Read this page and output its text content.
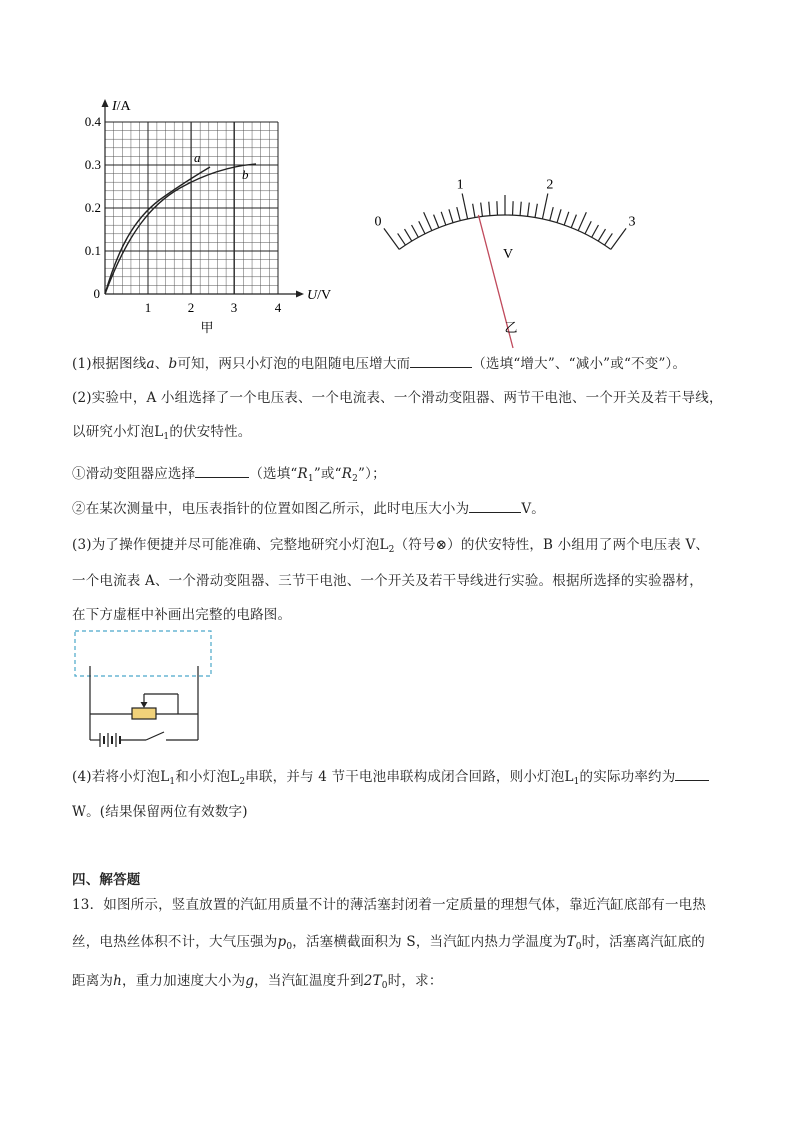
I/A
U/V
a
b
0.4
0.3
0.2
0.1
0
1	2	3	4
甲
0
1	2
3
V
乙
(1)根据图线a、b可知，两只小灯泡的电阻随电压增大而	（选填“增大”、“减小”或“不变”）。
(2)实验中，A 小组选择了一个电压表、一个电流表、一个滑动变阻器、两节干电池、一个开关及若干导线，
以研究小灯泡$L_1$的伏安特性。
①滑动变阻器应选择	（选填“$R_1$”或“$R_2$”）；
②在某次测量中，电压表指针的位置如图乙所示，此时电压大小为	V。
(3)为了操作便捷并尽可能准确、完整地研究小灯泡$L_2$（符号⊗）的伏安特性，B 小组用了两个电压表 V、
一个电流表 A、一个滑动变阻器、三节干电池、一个开关及若干导线进行实验。根据所选择的实验器材，
在下方虚框中补画出完整的电路图。
(4)若将小灯泡$L_1$和小灯泡$L_2$串联，并与 4 节干电池串联构成闭合回路，则小灯泡$L_1$的实际功率约为
W。(结果保留两位有效数字)
四、解答题
13．如图所示，竖直放置的汽缸用质量不计的薄活塞封闭着一定质量的理想气体，靠近汽缸底部有一电热
丝，电热丝体积不计，大气压强为$p_0$，活塞横截面积为 S，当汽缸内热力学温度为$T_0$时，活塞离汽缸底的
距离为h，重力加速度大小为g，当汽缸温度升到$2T_0$时，求：
